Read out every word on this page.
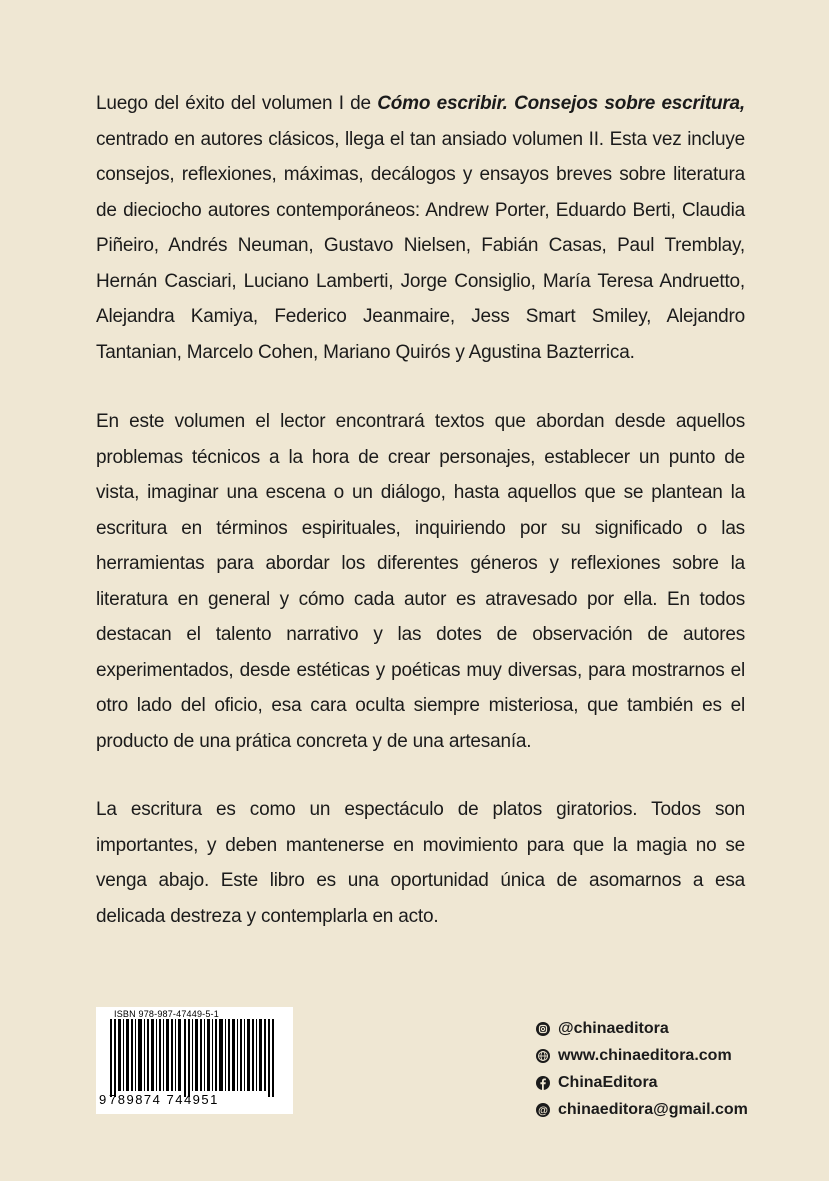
Luego del éxito del volumen I de Cómo escribir. Consejos sobre escritura, centrado en autores clásicos, llega el tan ansiado volumen II. Esta vez incluye consejos, reflexiones, máximas, decálogos y ensayos breves sobre literatura de dieciocho autores contemporáneos: Andrew Porter, Eduardo Berti, Claudia Piñeiro, Andrés Neuman, Gustavo Nielsen, Fabián Casas, Paul Tremblay, Hernán Casciari, Luciano Lamberti, Jorge Consiglio, María Teresa Andruetto, Alejandra Kamiya, Federico Jeanmaire, Jess Smart Smiley, Alejandro Tantanian, Marcelo Cohen, Mariano Quirós y Agustina Bazterrica.
En este volumen el lector encontrará textos que abordan desde aquellos problemas técnicos a la hora de crear personajes, establecer un punto de vista, imaginar una escena o un diálogo, hasta aquellos que se plantean la escritura en términos espirituales, inquiriendo por su significado o las herramientas para abordar los diferentes géneros y reflexiones sobre la literatura en general y cómo cada autor es atravesado por ella. En todos destacan el talento narrativo y las dotes de observación de autores experimentados, desde estéticas y poéticas muy diversas, para mostrarnos el otro lado del oficio, esa cara oculta siempre misteriosa, que también es el producto de una prática concreta y de una artesanía.
La escritura es como un espectáculo de platos giratorios. Todos son importantes, y deben mantenerse en movimiento para que la magia no se venga abajo. Este libro es una oportunidad única de asomarnos a esa delicada destreza y contemplarla en acto.
ISBN 978-987-47449-5-1
9 789874 744951
@chinaeditora
www.chinaeditora.com
ChinaEditora
@ chinaeditora@gmail.com
